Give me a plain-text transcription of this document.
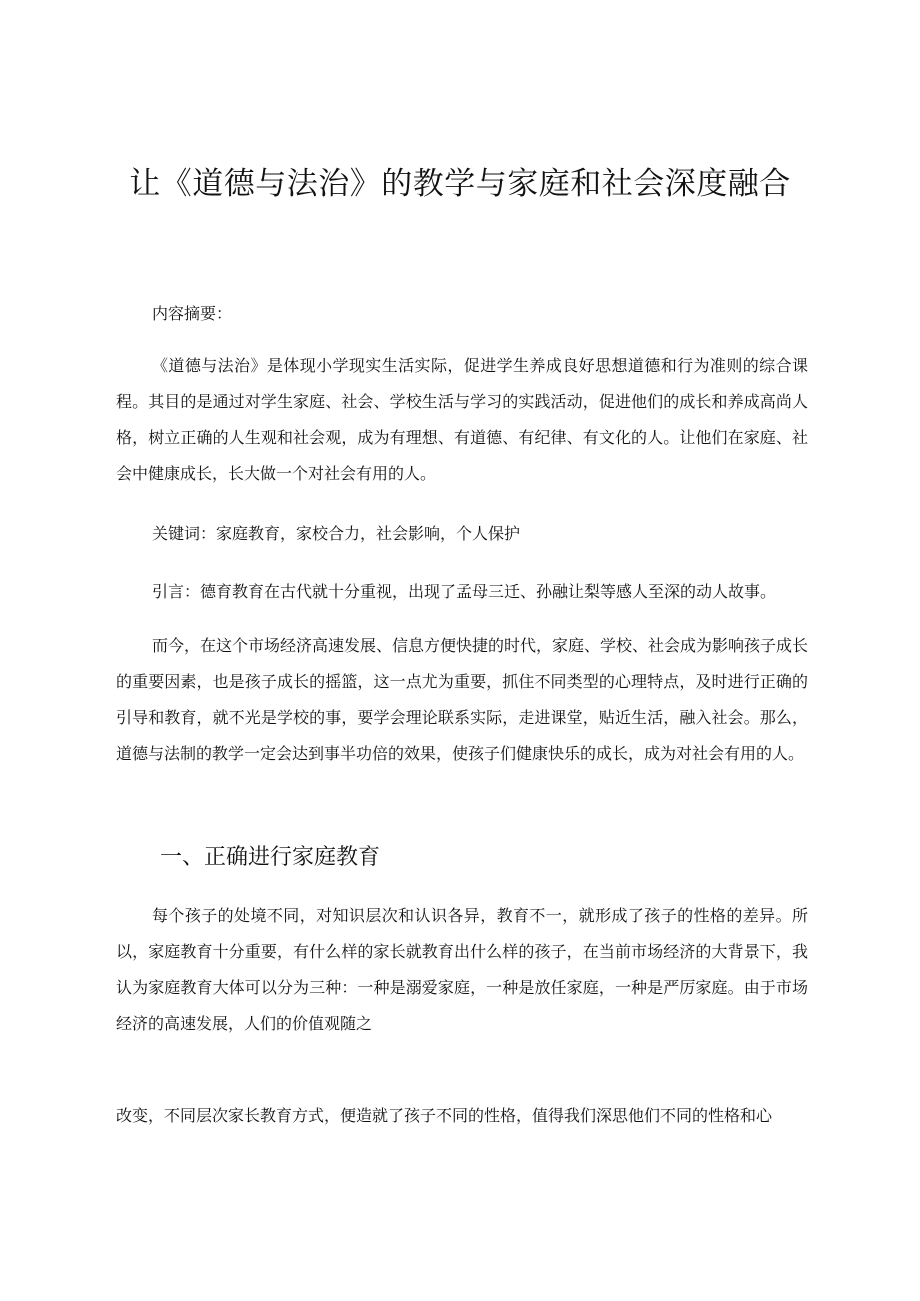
让《道德与法治》的教学与家庭和社会深度融合

内容摘要：

《道德与法治》是体现小学现实生活实际，促进学生养成良好思想道德和行为准则的综合课程。其目的是通过对学生家庭、社会、学校生活与学习的实践活动，促进他们的成长和养成高尚人格，树立正确的人生观和社会观，成为有理想、有道德、有纪律、有文化的人。让他们在家庭、社会中健康成长，长大做一个对社会有用的人。

关键词：家庭教育，家校合力，社会影响，个人保护

引言：德育教育在古代就十分重视，出现了孟母三迁、孙融让梨等感人至深的动人故事。

而今，在这个市场经济高速发展、信息方便快捷的时代，家庭、学校、社会成为影响孩子成长的重要因素，也是孩子成长的摇篮，这一点尤为重要，抓住不同类型的心理特点，及时进行正确的引导和教育，就不光是学校的事，要学会理论联系实际，走进课堂，贴近生活，融入社会。那么，道德与法制的教学一定会达到事半功倍的效果，使孩子们健康快乐的成长，成为对社会有用的人。

一、正确进行家庭教育

每个孩子的处境不同，对知识层次和认识各异，教育不一，就形成了孩子的性格的差异。所以，家庭教育十分重要，有什么样的家长就教育出什么样的孩子，在当前市场经济的大背景下，我认为家庭教育大体可以分为三种：一种是溺爱家庭，一种是放任家庭，一种是严厉家庭。由于市场经济的高速发展，人们的价值观随之

改变，不同层次家长教育方式，便造就了孩子不同的性格，值得我们深思他们不同的性格和心
